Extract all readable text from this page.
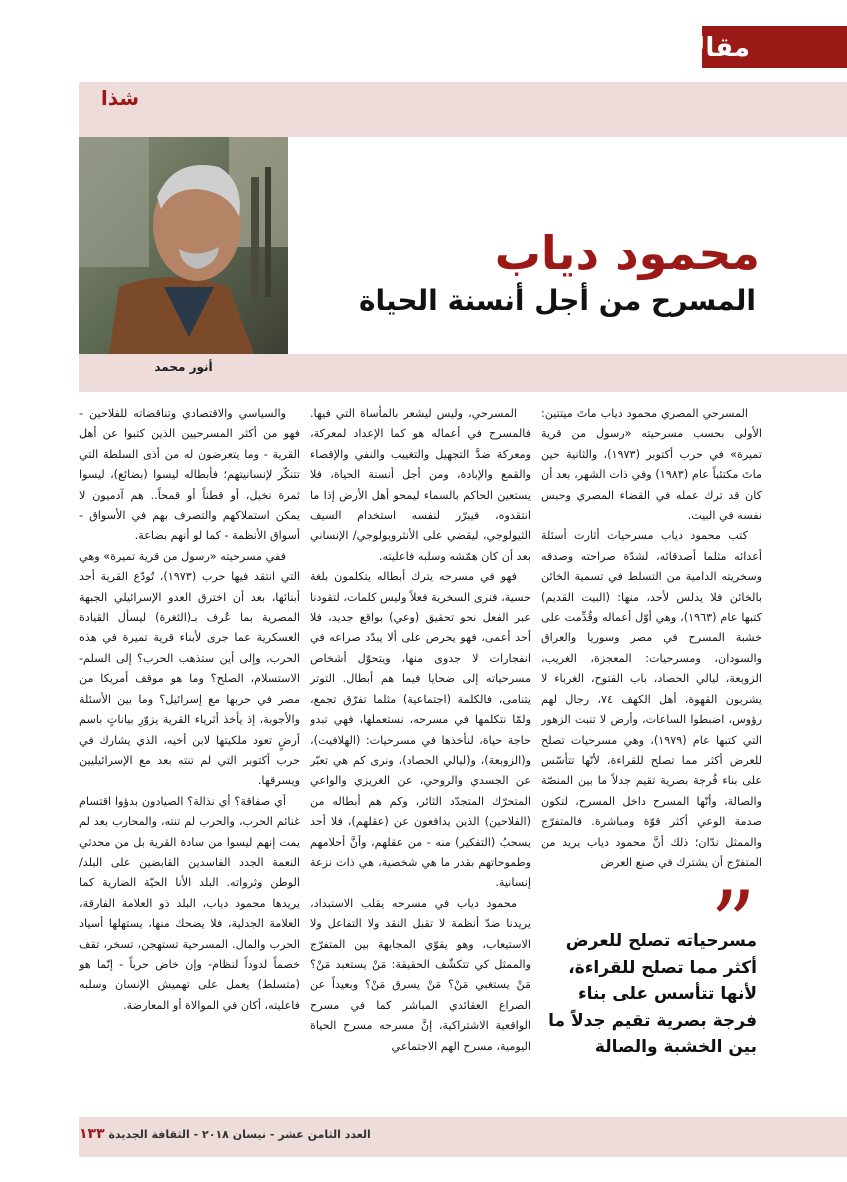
مقالات
شذا
أنور محمد
محمود دياب
المسرح من أجل أنسنة الحياة

المسرحي المصري محمود دياب ماتَ ميتتين: الأولى بحسب مسرحيته «رسول من قرية تميرة» في حرب أكتوبر (١٩٧٣)، والثانية حين ماتَ مكتئباً عام (١٩٨٣) وفي ذات الشهر، بعد أن كان قد ترك عمله في القضاء المصري وحبس نفسه في البيت.

كتب محمود دياب مسرحيات أثارت أسئلة أعدائه مثلما أصدقائه، لشدّة صراحته وصدقه وسخريته الدامية من التسلط في تسمية الخائن بالخائن فلا يدلس لأحد، منها: (البيت القديم) كتبها عام (١٩٦٣)، وهي أوّل أعماله وقُدِّمت على خشبة المسرح في مصر وسوريا والعراق والسودان، ومسرحيات: المعجزة، الغريب، الزوبعة، ليالي الحصاد، باب الفتوح، الغرباء لا يشربون القهوة، أهل الكهف ٧٤، رجال لهم رؤوس، اضبطوا الساعات، وأرض لا تنبت الزهور التي كتبها عام (١٩٧٩)، وهي مسرحيات تصلح للعرض أكثر مما تصلح للقراءة، لأنّها تتأسّس على بناء فُرجة بصرية تقيم جدلاً ما بين المنصّة والصالة، وأنّها المسرح داخل المسرح، لتكون صدمة الوعي أكثر قوّة ومباشرة. فالمتفرّج والممثل ندّان؛ ذلك أنَّ محمود دياب يريد من المتفرّج أن يشترك في صنع العرض

المسرحي، وليس ليشعر بالمأساة التي فيها. فالمسرح في أعماله هو كما الإعداد لمعركة، ومعركة ضدَّ التجهيل والتغييب والنفي والإقصاء والقمع والإبادة، ومن أجل أنسنة الحياة، فلا يستعين الحاكم بالسماء ليمحو أهل الأرض إذا ما انتقدوه، فيبرّر لنفسه استخدام السيف الثيولوجي، ليقضي على الأنثروبولوجي/ الإنساني بعد أن كان همّشه وسلبه فاعليته.

فهو في مسرحه يترك أبطاله يتكلمون بلغة حسية، فنرى السخرية فعلاً وليس كلمات، لتقودنا عبر الفعل نحو تحقيق (وعي) بواقع جديد، فلا أحد أعمى، فهو يحرص على ألا يبدّد صراعه في انفجارات لا جدوى منها، ويتحوّل أشخاص مسرحياته إلى ضحايا فيما هم أبطال. التوتر يتنامى، فالكلمة (اجتماعية) مثلما تفرّق تجمع، ولمّا نتكلمها في مسرحه، نستعملها، فهي تبدو حاجة حياة، لنأخذها في مسرحيات: (الهلافيت)، و(الزوبعة)، و(ليالي الحصاد)، ونرى كم هي تعبّر عن الجسدي والروحي، عن الغريزي والواعي المتحرّك المتجدّد الثائر، وكم هم أبطاله من (الفلاحين) الذين يدافعون عن (عقلهم)، فلا أحد يسحبُ (التفكير) منه - من عقلهم، وأنَّ أحلامهم وطموحاتهم بقدر ما هي شخصية، هي ذات نزعة إنسانية.

محمود دياب في مسرحه يقلب الاستبداد، يريدنا ضدّ أنظمة لا تقبل النقد ولا التفاعل ولا الاستيعاب، وهو يقوّي المجابهة بين المتفرّج والممثل كي تتكشّف الحقيقة: مَنْ يستعبد مَنْ؟ مَنْ يستغبي مَنْ؟ مَنْ يسرق مَنْ؟ وبعيداً عن الصراع العقائدي المباشر كما في مسرح الواقعية الاشتراكية، إنَّ مسرحه مسرح الحياة اليومية، مسرح الهم الاجتماعي

والسياسي والاقتصادي وتناقضاته للفلاحين - فهو من أكثر المسرحيين الذين كتبوا عن أهل القرية - وما يتعرضون له من أذى السلطة التي تتنكّر لإنسانيتهم؛ فأبطاله ليسوا (بضائع)، ليسوا ثمرة نخيل، أو قطناً أو قمحاً.. هم آدميون لا يمكن استملاكهم والتصرف بهم في الأسواق - أسواق الأنظمة - كما لو أنهم بضاعة.

ففي مسرحيته «رسول من قرية تميرة» وهي التي انتقد فيها حرب (١٩٧٣)، تُودّع القرية أحد أبنائها، بعد أن اخترق العدو الإسرائيلي الجبهة المصرية بما عُرف بـ(الثغرة) ليسأل القيادة العسكرية عما جرى لأبناء قرية تميرة في هذه الحرب، وإلى أين ستذهب الحرب؟ إلى السلم- الاستسلام، الصلح؟ وما هو موقف أمريكا من مصر في حربها مع إسرائيل؟ وما بين الأسئلة والأجوبة، إذ يأخذ أثرياء القرية يزوّرِ بياناتٍ باسم أرضٍ تعود ملكيتها لابن أخيه، الذي يشارك في حرب أكتوبر التي لم تنته بعد مع الإسرائيليين ويسرقها.

أي صفاقة؟ أي نذالة؟ الصيادون بدؤوا اقتسام غنائم الحرب، والحرب لم تنته، والمحارب بعد لم يمت إنهم ليسوا من سادة القرية بل من محدثي النعمة الجدد الفاسدين القابضين على البلد/ الوطن وثرواته. البلد الأنا الحيّة الضارية كما يريدها محمود دياب، البلد ذو العلامة الفارقة، العلامة الجدلية، فلا يضحك منها، يستهلها أسياد الحرب والمال. المسرحية تستهجن، تسخر، تقف خصماً لدوداً لنظام- وإن خاض حرباً - إنّما هو (متسلط) يعمل على تهميش الإنسان وسلبه فاعليته، أكان في الموالاة أو المعارضة.

”
مسرحياته تصلح للعرض أكثر مما تصلح للقراءة، لأنها تتأسس على بناء فرجة بصرية تقيم جدلاً ما بين الخشبة والصالة
العدد الثامن عشر - نيسان ٢٠١٨ - الثقافة الجديدة ١٣٣
